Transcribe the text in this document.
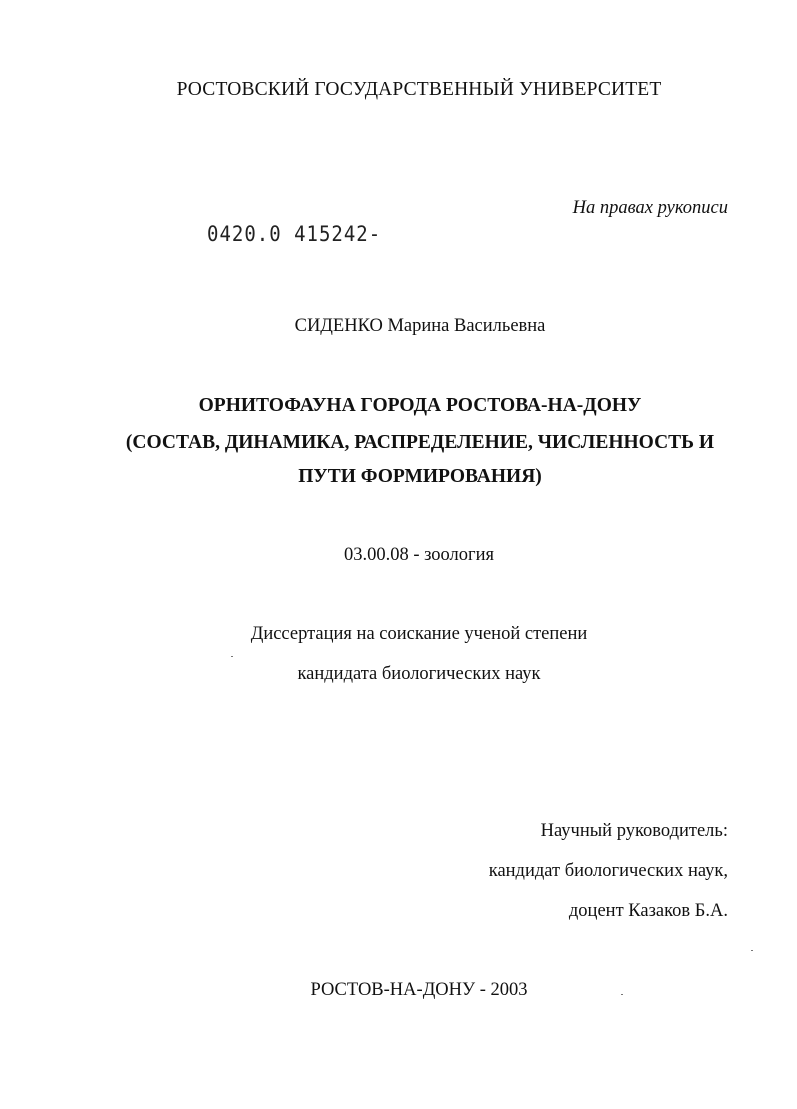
РОСТОВСКИЙ ГОСУДАРСТВЕННЫЙ УНИВЕРСИТЕТ
На правах рукописи
0420.0 415242-
СИДЕНКО Марина Васильевна
ОРНИТОФАУНА ГОРОДА РОСТОВА-НА-ДОНУ
(СОСТАВ, ДИНАМИКА, РАСПРЕДЕЛЕНИЕ, ЧИСЛЕННОСТЬ И
ПУТИ ФОРМИРОВАНИЯ)
03.00.08 - зоология
Диссертация на соискание ученой степени
кандидата биологических наук
Научный руководитель:
кандидат биологических наук,
доцент Казаков Б.А.
РОСТОВ-НА-ДОНУ - 2003
